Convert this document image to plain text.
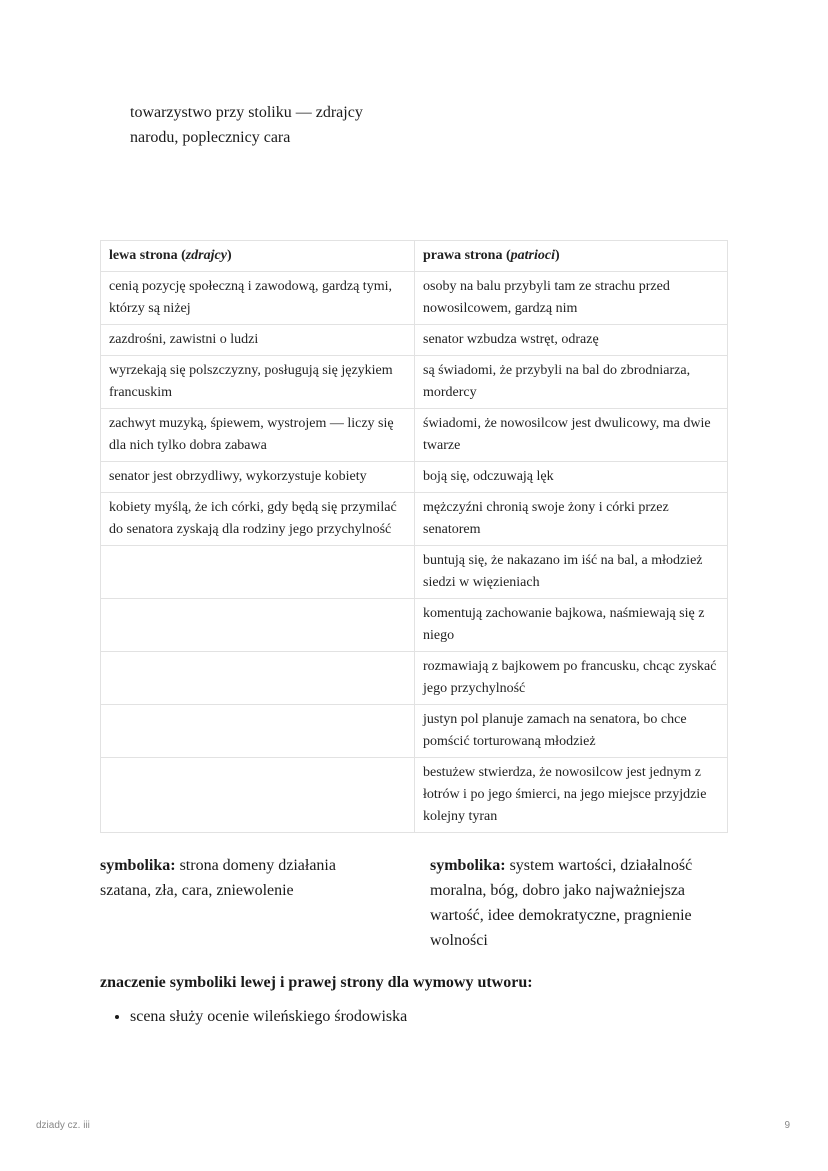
towarzystwo przy stoliku — zdrajcy
narodu, poplecznicy cara
lewa strona (zdrajcy)	prawa strona (patrioci)
cenią pozycję społeczną i zawodową, gardzą tymi, którzy są niżej	osoby na balu przybyli tam ze strachu przed nowosilcowem, gardzą nim
zazdrośni, zawistni o ludzi	senator wzbudza wstręt, odrazę
wyrzekają się polszczyzny, posługują się językiem francuskim	są świadomi, że przybyli na bal do zbrodniarza, mordercy
zachwyt muzyką, śpiewem, wystrojem — liczy się dla nich tylko dobra zabawa	świadomi, że nowosilcow jest dwulicowy, ma dwie twarze
senator jest obrzydliwy, wykorzystuje kobiety	boją się, odczuwają lęk
kobiety myślą, że ich córki, gdy będą się przymilać do senatora zyskają dla rodziny jego przychylność	mężczyźni chronią swoje żony i córki przez senatorem
	buntują się, że nakazano im iść na bal, a młodzież siedzi w więzieniach
	komentują zachowanie bajkowa, naśmiewają się z niego
	rozmawiają z bajkowem po francusku, chcąc zyskać jego przychylność
	justyn pol planuje zamach na senatora, bo chce pomścić torturowaną młodzież
	bestużew stwierdza, że nowosilcow jest jednym z łotrów i po jego śmierci, na jego miejsce przyjdzie kolejny tyran
symbolika: strona domeny działania szatana, zła, cara, zniewolenie
symbolika: system wartości, działalność moralna, bóg, dobro jako najważniejsza wartość, idee demokratyczne, pragnienie wolności
znaczenie symboliki lewej i prawej strony dla wymowy utworu:
• scena służy ocenie wileńskiego środowiska
dziady cz. iii	9
